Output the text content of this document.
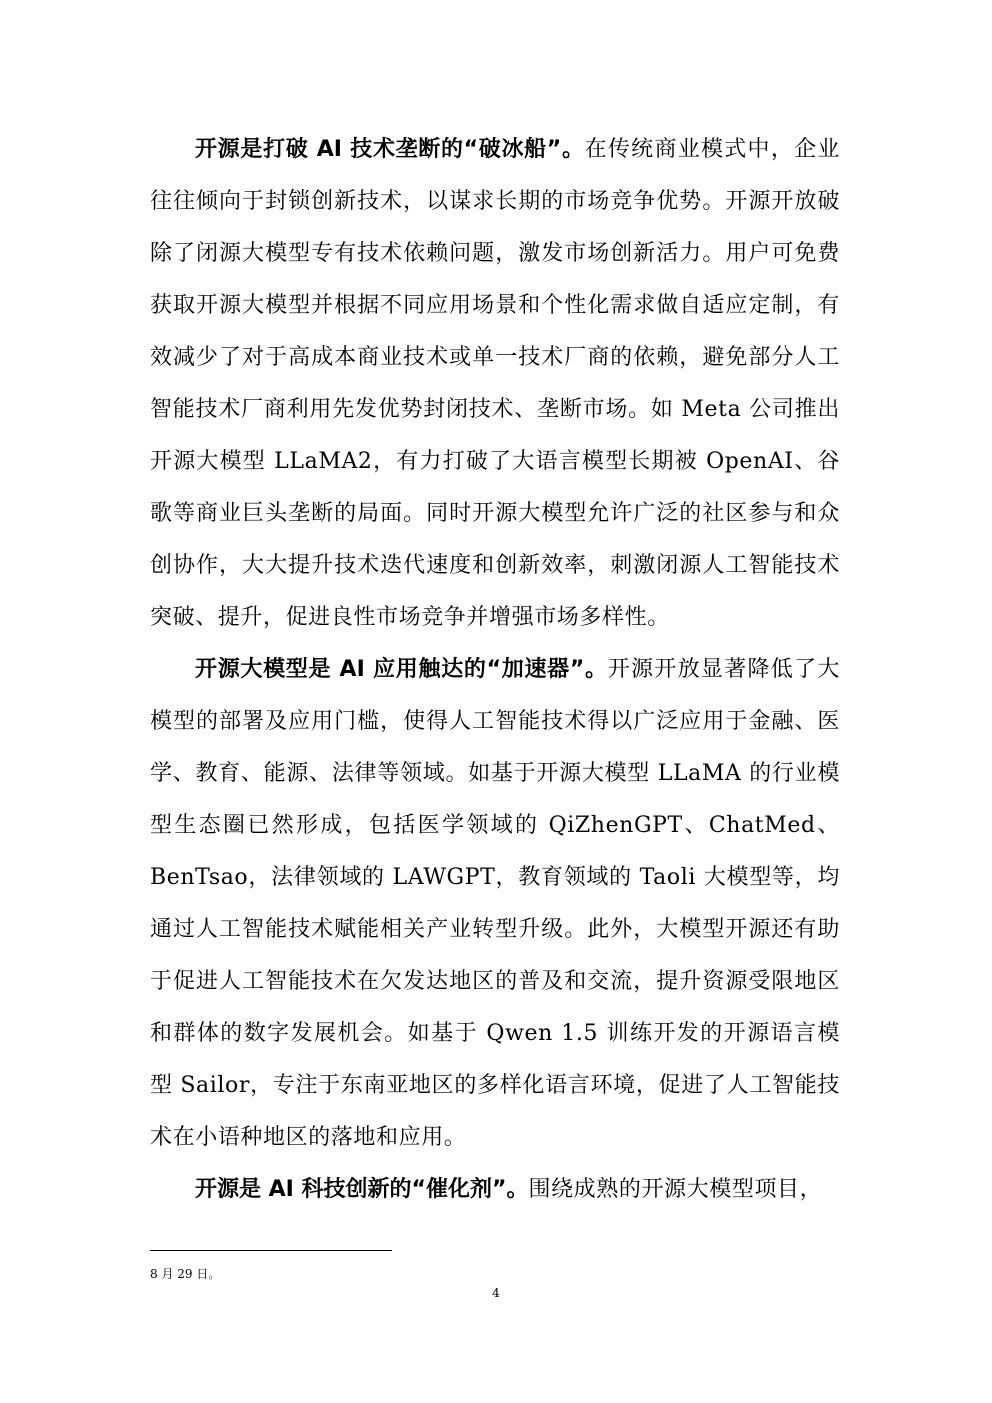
开源是打破 AI 技术垄断的“破冰船”。在传统商业模式中，企业往往倾向于封锁创新技术，以谋求长期的市场竞争优势。开源开放破除了闭源大模型专有技术依赖问题，激发市场创新活力。用户可免费获取开源大模型并根据不同应用场景和个性化需求做自适应定制，有效减少了对于高成本商业技术或单一技术厂商的依赖，避免部分人工智能技术厂商利用先发优势封闭技术、垄断市场。如 Meta 公司推出开源大模型 LLaMA2，有力打破了大语言模型长期被 OpenAI、谷歌等商业巨头垄断的局面。同时开源大模型允许广泛的社区参与和众创协作，大大提升技术迭代速度和创新效率，刺激闭源人工智能技术突破、提升，促进良性市场竞争并增强市场多样性。

开源大模型是 AI 应用触达的“加速器”。开源开放显著降低了大模型的部署及应用门槛，使得人工智能技术得以广泛应用于金融、医学、教育、能源、法律等领域。如基于开源大模型 LLaMA 的行业模型生态圈已然形成，包括医学领域的 QiZhenGPT、ChatMed、BenTsao，法律领域的 LAWGPT，教育领域的 Taoli 大模型等，均通过人工智能技术赋能相关产业转型升级。此外，大模型开源还有助于促进人工智能技术在欠发达地区的普及和交流，提升资源受限地区和群体的数字发展机会。如基于 Qwen 1.5 训练开发的开源语言模型 Sailor，专注于东南亚地区的多样化语言环境，促进了人工智能技术在小语种地区的落地和应用。

开源是 AI 科技创新的“催化剂”。围绕成熟的开源大模型项目，

8 月 29 日。
4
